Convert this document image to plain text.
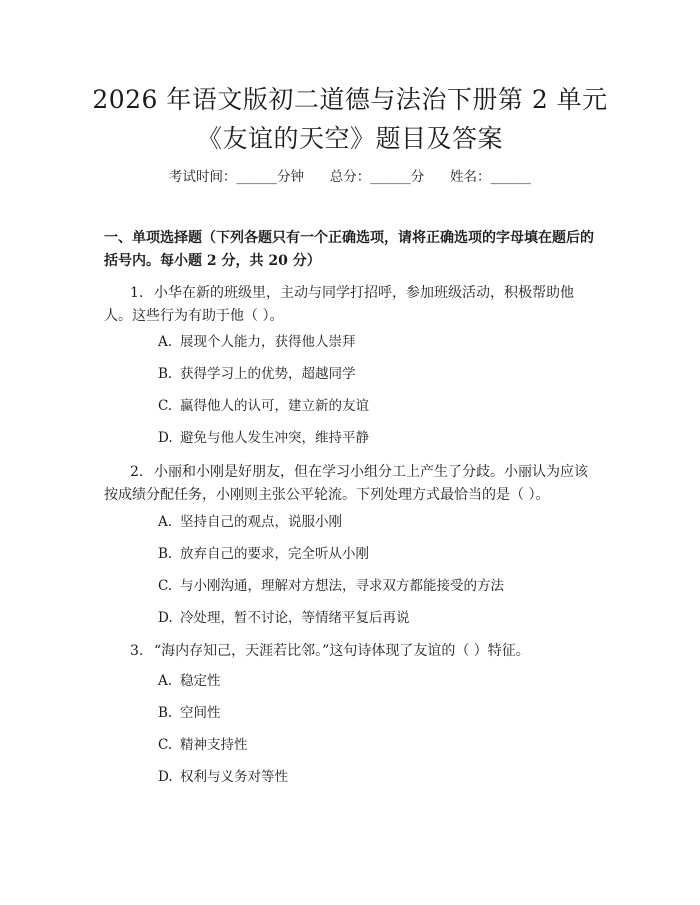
2026 年语文版初二道德与法治下册第 2 单元
《友谊的天空》题目及答案
考试时间：______分钟      总分：______分      姓名：______
一、单项选择题（下列各题只有一个正确选项，请将正确选项的字母填在题后的括号内。每小题 2 分，共 20 分）
1. 小华在新的班级里，主动与同学打招呼，参加班级活动，积极帮助他人。这些行为有助于他（ ）。
A. 展现个人能力，获得他人崇拜
B. 获得学习上的优势，超越同学
C. 赢得他人的认可，建立新的友谊
D. 避免与他人发生冲突，维持平静
2. 小丽和小刚是好朋友，但在学习小组分工上产生了分歧。小丽认为应该按成绩分配任务，小刚则主张公平轮流。下列处理方式最恰当的是（ ）。
A. 坚持自己的观点，说服小刚
B. 放弃自己的要求，完全听从小刚
C. 与小刚沟通，理解对方想法，寻求双方都能接受的方法
D. 冷处理，暂不讨论，等情绪平复后再说
3. “海内存知己，天涯若比邻。”这句诗体现了友谊的（ ）特征。
A. 稳定性
B. 空间性
C. 精神支持性
D. 权利与义务对等性
